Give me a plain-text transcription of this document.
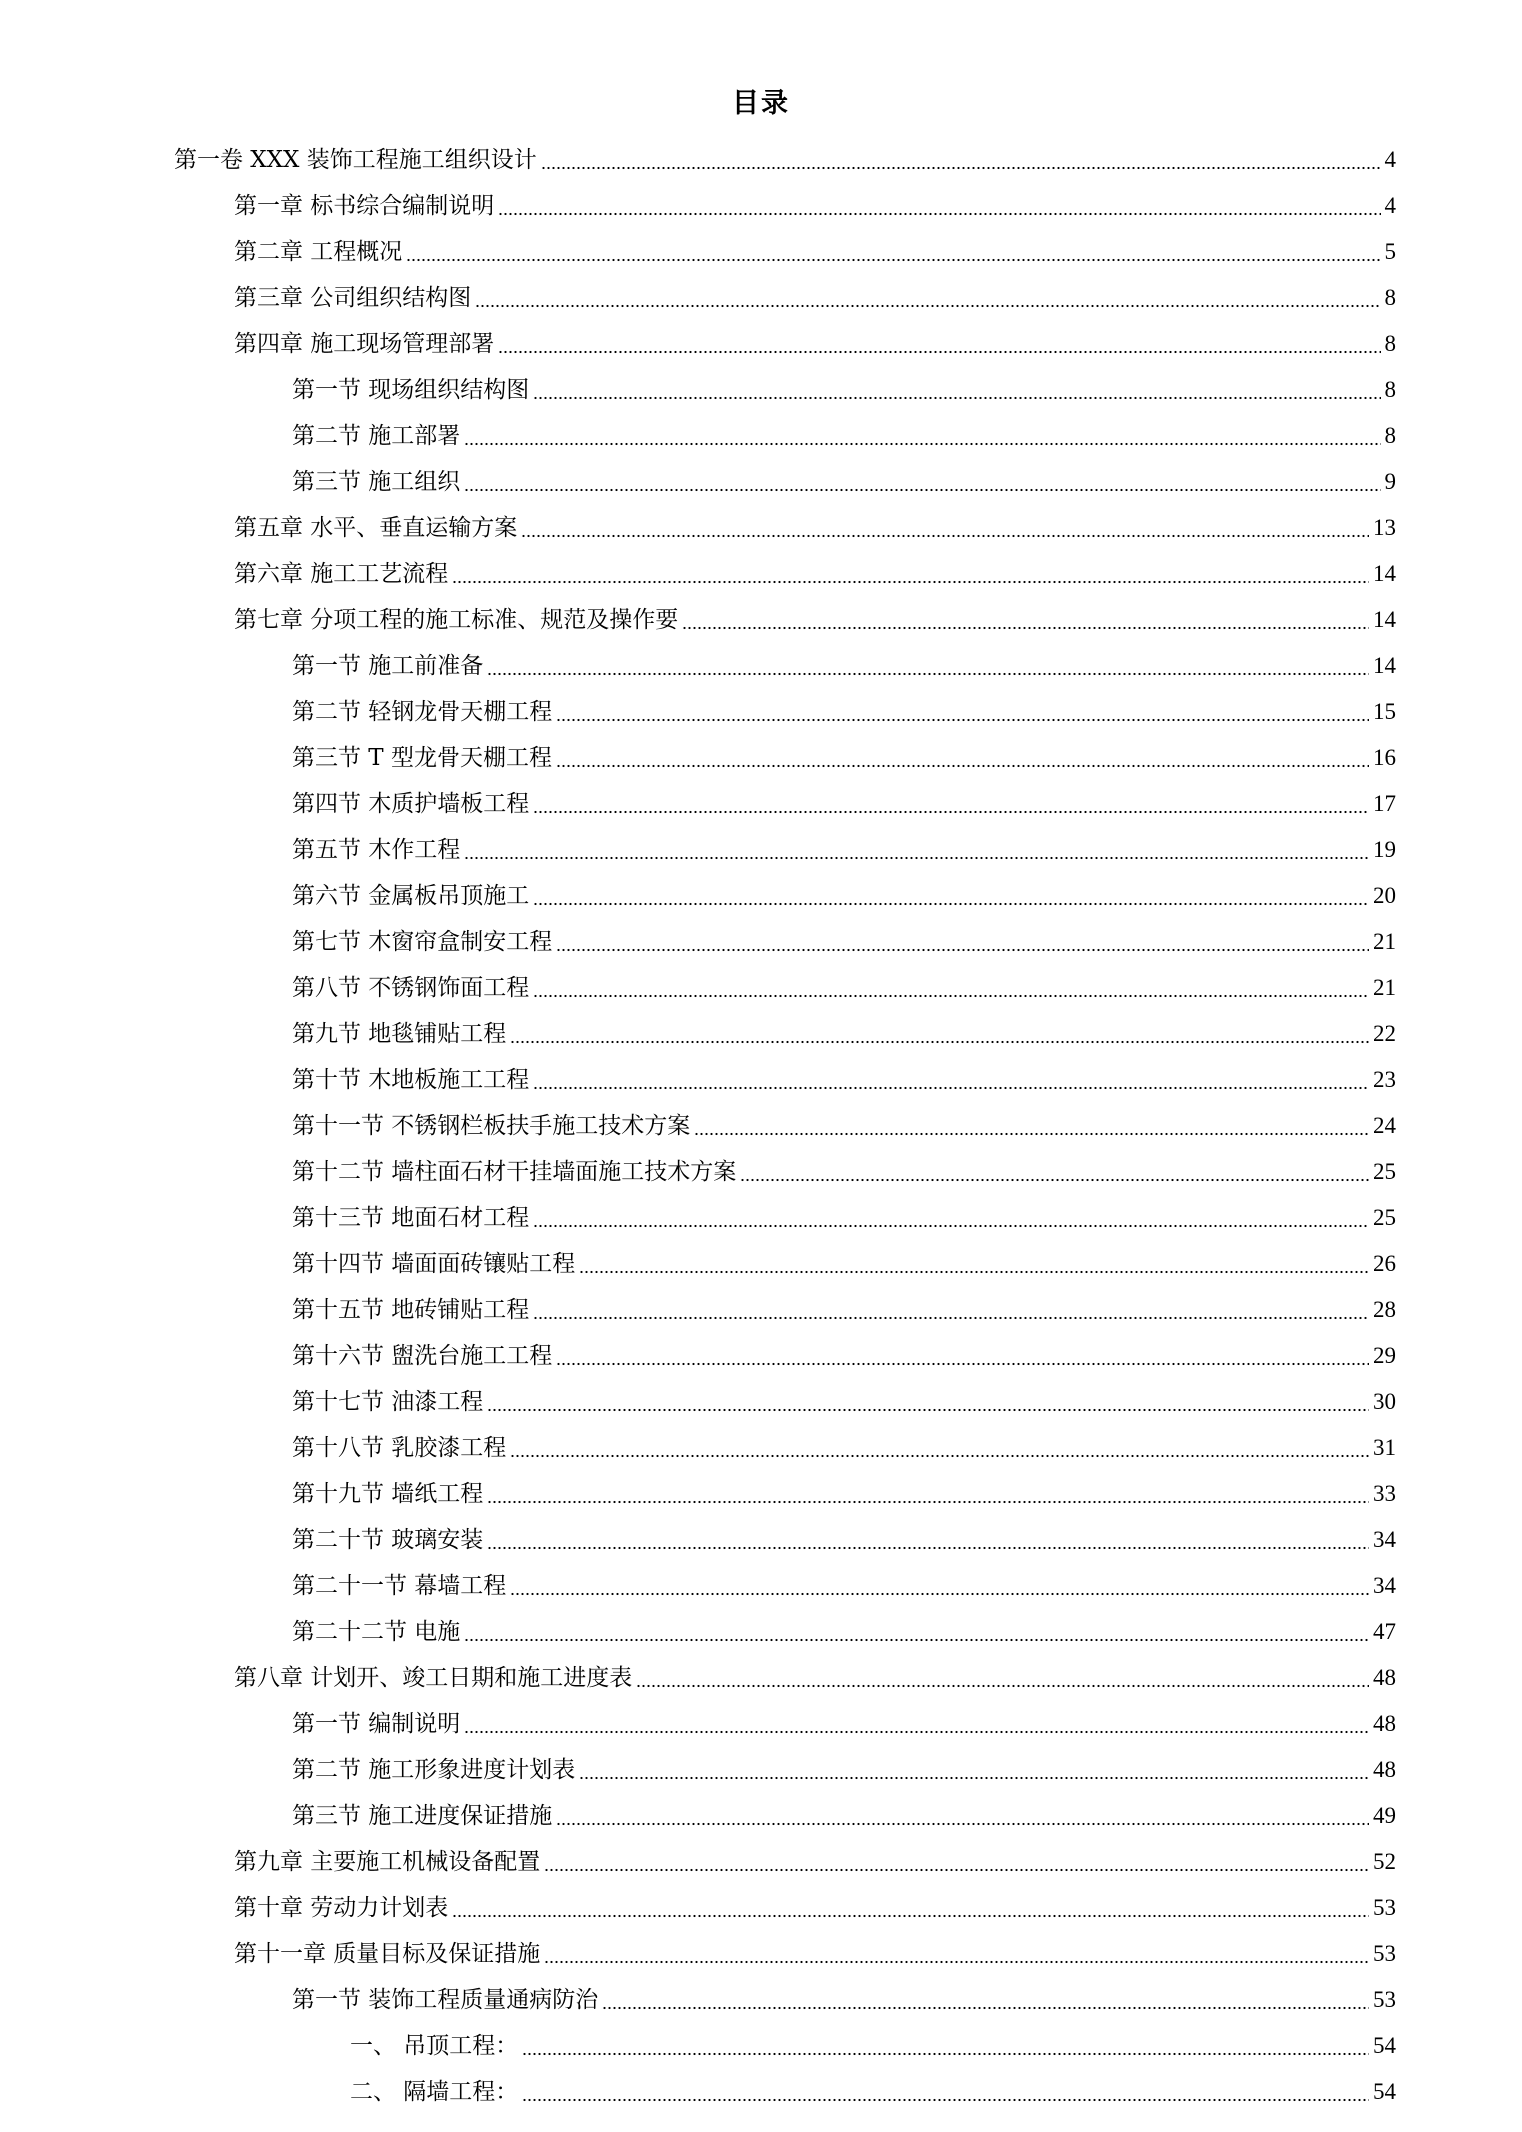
目录
第一卷 XXX 装饰工程施工组织设计	4
第一章 标书综合编制说明	4
第二章 工程概况	5
第三章 公司组织结构图	8
第四章 施工现场管理部署	8
第一节 现场组织结构图	8
第二节 施工部署	8
第三节 施工组织	9
第五章 水平、垂直运输方案	13
第六章 施工工艺流程	14
第七章 分项工程的施工标准、规范及操作要	14
第一节 施工前准备	14
第二节 轻钢龙骨天棚工程	15
第三节 T 型龙骨天棚工程	16
第四节 木质护墙板工程	17
第五节 木作工程	19
第六节 金属板吊顶施工	20
第七节 木窗帘盒制安工程	21
第八节 不锈钢饰面工程	21
第九节 地毯铺贴工程	22
第十节 木地板施工工程	23
第十一节 不锈钢栏板扶手施工技术方案	24
第十二节 墙柱面石材干挂墙面施工技术方案	25
第十三节 地面石材工程	25
第十四节 墙面面砖镶贴工程	26
第十五节 地砖铺贴工程	28
第十六节 盥洗台施工工程	29
第十七节 油漆工程	30
第十八节 乳胶漆工程	31
第十九节 墙纸工程	33
第二十节 玻璃安装	34
第二十一节 幕墙工程	34
第二十二节 电施	47
第八章 计划开、竣工日期和施工进度表	48
第一节 编制说明	48
第二节 施工形象进度计划表	48
第三节 施工进度保证措施	49
第九章 主要施工机械设备配置	52
第十章 劳动力计划表	53
第十一章 质量目标及保证措施	53
第一节 装饰工程质量通病防治	53
一、 吊顶工程：	54
二、 隔墙工程：	54
